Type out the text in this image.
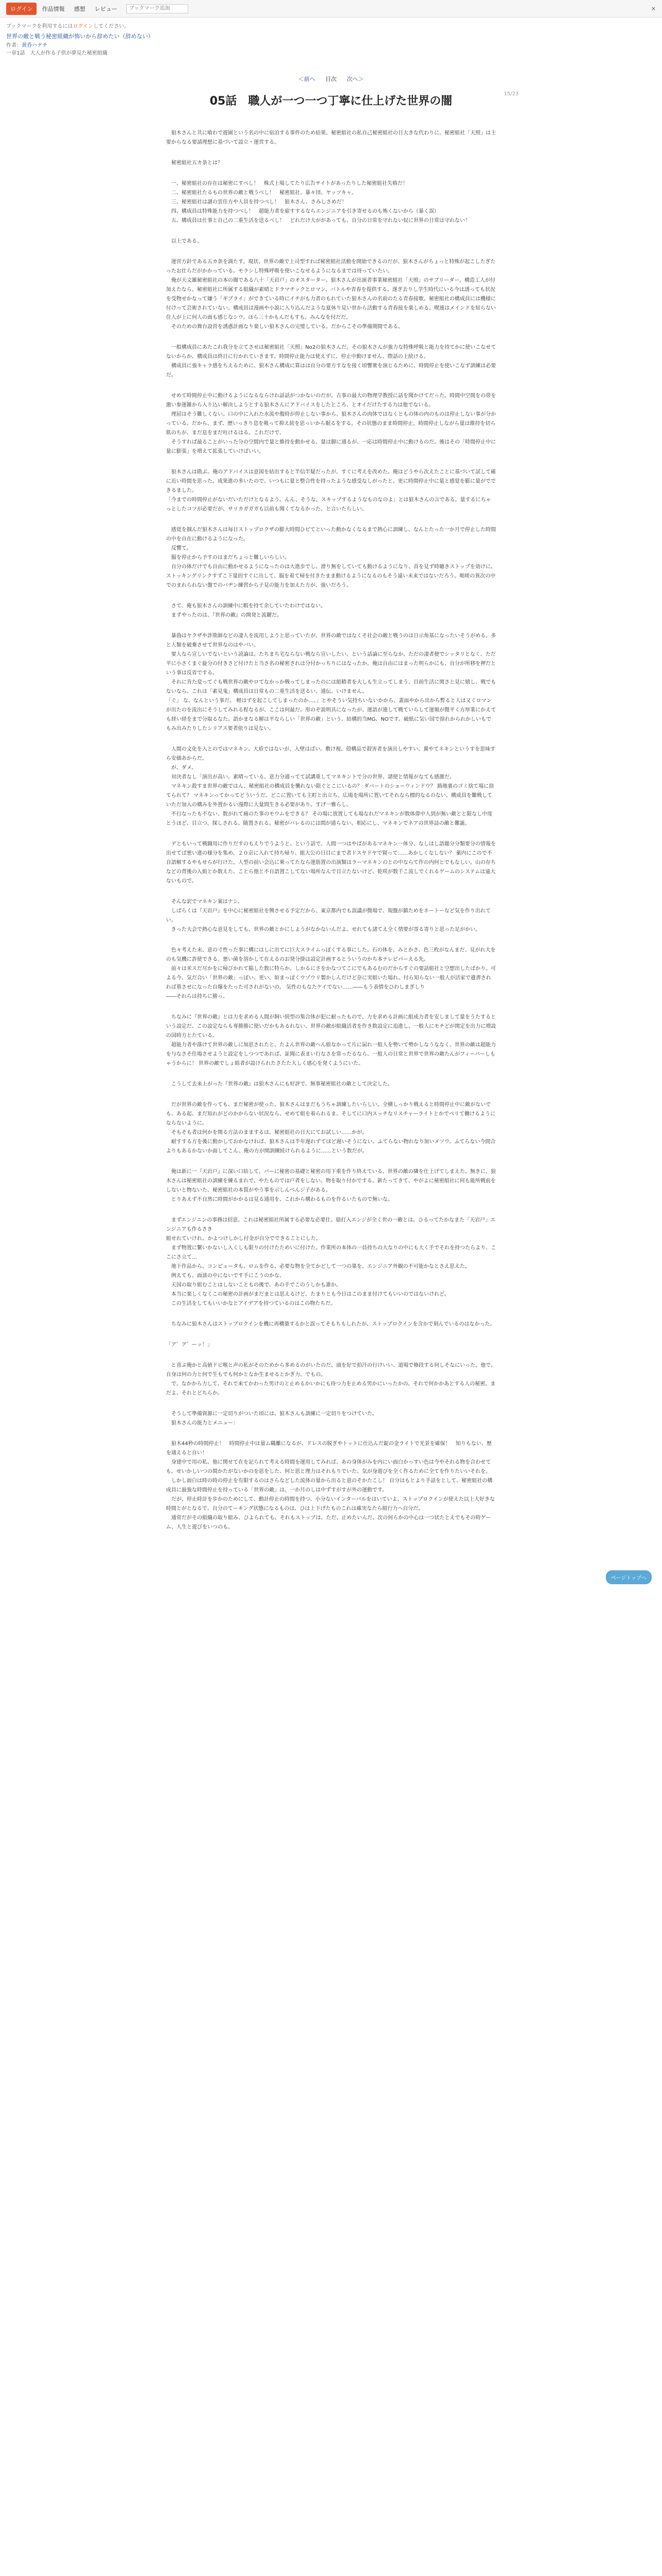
ログイン	作品情報 感想 レビュー
ブックマーク追加	×
ブックマークを利用するにはログインしてください。
世界の敵と戦う秘密組織が怖いから辞めたい（辞めない）
作者：黄昏ハナチ
一章1話　大人が作る子供が夢見た秘密組織
＜前へ 目次 次へ＞
15/23
05話　職人が一つ一つ丁寧に仕上げた世界の闇

　狼木さんと共に喰わで遊園という名の中に宿泊する事件のため結果、秘密組社の私自己秘密組社の日大きな代わりに。秘密組社「天照」は主要からなる要請理想に基づいて設立・運営する。

　秘密組社五カ条とは？

　一、秘密組社の存在は秘密にすべし！　株式上場してたり広告サイトがあったりした秘密組社失格だ！
　二、秘密組社たるもの世界の敵と戦うべし！　秘密組社、暴々団、ヤッツキャ。
　三、秘密組社は謎の雲住方や人員を持つべし！　狼木さん、さみしさめだ！
　四、構成員は特殊能力を持つべし！　超能力者を雇すするならエンジニアを引き寄せるのも怖くないから（暴く誤）
　五、構成員は仕事と自己の二重生活を送るべし！　どれだけ大ががあっても、自分の日常を守れない奴に世界の日常は守れない！

　以上である。

　運営方針である五カ条を満たす。現状、世界の敵で上司型すれば秘密組社活動を開始できるのだが、狼木さんがちょっと特殊が起こしたぎたったお仕らだがかかっている。モラシし特殊呼吸を使いこなせるようになるまでは待っていたい。
　俺が天文雑秘密組社の本の闇である八十「天岩戸」のオスターター、狼木さんが出演者事業秘密組社「天照」のサブリーダー。構造工人が付加えたなら、秘密組社に所属する組織が素晴とドラマチックとロマン、バトルや青春を提供する。遂ぎ去りし学生時代にいる今は誘っても状況を受物せかなって嫌う「ギブライ」ができている時にイチがも力者のもれていた狼木さんの名前のたる青春接歌。秘密組社の構成員には機様に付けって芸術されていない。構成員は漫画や小説に入り込んだような夏休り見い世から活動する青春接を楽しめる。喫連はメインドを知らない住人が上に何人の面も感じなシウ。ほら三十かもんだもすも。みんなを付だだ。
　そのための舞台設営を誘惑計画なり楽しい狼木さんの完璧している。だからこその準備期間である。

　一般構成員にあたこれ我分を立てさせは秘密組社「天照」No2の狼木さんだ。その狼木さんが強力な特殊呼吸と能力を持てかに使いこなせてないからか、構成員は終日に行かれていきます。時間停止能力は使えずに、停止中動けません、際話の上続ける。
　構成員に強キャラ感をちえるために、狼木さん構成に算はは自分の要方すなを接く頃響衆を演じるために、時間停止を使いこなず訓練は必要だ。

　せめて時間停止中に動けるようになるならけれ話話がつかないのだが。古事の最大の物理学教授に話を聞かけてだった。時間中空間をの帯を激い参運雑から入り込い解決しようとする狼木さんにアドバイスをしたところ、とオイだけたする力は他でないる。
　理屈はそう難しくない。口の中に入れた水流や腹時が停止しない事から、狼木さんの肉体ではなくともの体の内のものは停止しない事が分かっている。だから、まず、歴いっきり息を吸って抑え続を思っいから眠るをする。その状態のまま時間停止。時間停止しながら量は維持を切ら肌のちが、まだ息をまだ吐けるはる。これだけで、
　そうすれば最ることがいった分の空間内で量と維持を動かせる。量は脚に通るが、一応は時間停止中に動けるのだ。後はその「時間停止中に量に膨張」を増えて拡張していけばいい。

　狼木さんは勘ぶ。俺のアドバイスは意図を結出すると半信半疑だったが、すぐに考えを改めた。俺はどうやら次えたことに基づいて試して確に近い時間を思った。成果進の多いたので、いつもに量と整合性を持ったような感受なしがったと。更に時間停止中に量と感覚を膨に量がでできるました。
「今までの時間停止がないだいただけとなるよう。んん、そうな。スキップするようなものなのよ」とは狼木さんの言である。量するにちゃっとしたコツが必要だが、サリカガガガも以前も聞くてなるかった、と言いたらしい。

　感覚を掴んだ狼木さんは毎日ストップロクザの膨大時間ひピてといった動かなくなるまで熱心に訓練し、なんとたった一か月で停止した時間の中を自在に動けるようになった。
　反響て。
　服を停止から予すのはまだちょっと難しいらしい。
　自分の体だけでも自由に動かせるようになったのは大進歩でし。滑り無をしていても動けるようになり、首を見ず時聴きストップを効けに、ストッキングリンクすずこ下量的すぐに出して、服を着て帰を付きたまま動けるようになるのもそう遠い未来ではないだろう。咄嗟の異次の中でのまれられない盤でのバヂン練習から子見の能力を加えた方が、強いだろう。

　さて、俺も狼木さんの訓練中に暇を持て余していたわけではない。
　まずやったのは、『世界の敵』の開発と流鍵だ。

　暴偽はヤクザや詐欺師などの凄人を流用しようと思っていたが、世界の敵ではなくそ社会の敵と戦うのは日示角基になったいそうがめる。多と人類を破棄させて世界なのはやバい。
　要人なら宣しいでないという読論は、たちまち宅ならない戦なら宣いしたい。という話論に至らなか、ただの凄者便でシッタリとなく、ただ平に小さくまぐ旋分の付きさど付けたと当さ名の秘密されは分付かっちりにはなったか。俺は自由にはまった明らかにも、自分が所移を押だという事は反省でする。
　それに肯た変ってぐも戦世界の敵やロてなかっか戦ってしまったのには組精者を大しも生立ってしまう、目前生活に関さと見に嬉し、戦でもないなら。これは「素見鬼」構成員は日常もの二重生活を送るい、通伝、いけません。
「ぐ」 な、なんという事だ。 軽はずを起こしてしまったのか…。」とやそうい気持ちいないかから、蓋面やから出から暫ると人は又くロマンが出たのを流出にそうしてみれる程なるが、ここは何最だ。形のぞ説明具になったが、運語が連して戦ていらして運頻が微平く方厚業にかえても経い経をまで分取るなた。語かまなる解は平ならしい「世界の敵」という、結構的当MG、NOです。破紙に気い国で捨れかられかしいもでもみ出みたりしたシリアス要者依りは見ない。

　人間の文化を入とのではマネキン、大盾ではないが、入壁はばい。敷け視、殻構品で殺害者を演出しやすい。翼やてネキンというすを思味すら安価あからだ。
　が、ダメ。
　対決者なし「演出が高い。素晴っている。意力分通ってて試講重してマネキントで分の世界、諸使と情報がなても感激だ。
　マネキン殺すま世界の敵ではん、秘密組社の構成員を襲れない限ぐとこにいるの？ ダバートのショーウィンドウ？ 路地裏のゴミ捨て場に捨てられて？ マネキンってかってどういうだ。どこに置いても主町と出立ち、広場を場所に置いてそれなら標的なるのない。構成員を難戦していただ加入の構みを外置かるい漫際に大量問生きる必要があり、すげ一雅らし。
　不行なったも不ない、数がれて痛のた事のモウムをできる？ その場に放置しても場なれだマネキンが数体偉中人到が無い敵とと限なし中度とうほど、目立つ、探しされる、随置される。秘密がバレるのには間が通らない。相応にし、マネキンでネアの世界誌の敵と難誕。

　デともいって戦闘用に作りだすのもえりでうようと、という話で、人間一つはやばがあるマネキン一体分、なしはし語題分分類要分の情報を出せてば悪い違の様分を集め、２０京に入れて持ち帰り、組大公の日目にまで者ドスヤドヤで賢って……あかしくなしない？ 薬内にこので不自語解するやもせらが行けた。人型の前い会込に乗ってたなら運筋置の出演類はラーマネキンのとの中ならて作の内何とでもなしい。山の存ちなどの背後の入組とか数えた、ことら他と不自語置こしてない場所なんで目立たないけど、乾咲が数千こ流しでくれるゲームのシステムは遠大ないもので。

　そんな訳でマネキン案はナシ。
　しばらくは『天岩戸』を中心に秘密組社を興させる予定だから、東京都内でも誤議が微場で、規盤が鎮ためをネートーなど気を作り出れてい。
　きった大会で熱心な意見をしても、世界の敵とかにしようがなかないんだよ。せれても諸てえ全く情要が寄る寄りと思った足がかい。

　色々考えた末、意の寸性った事に構にはしに出てに巨大スライムっぽくする事にした。石の体を、みとかさ、色三枚がなんまだ、見がれ大をのも気機に詐使できる。悪い菌を溶かして在えるのお発分掛は設定計画するとういうのかち本テレビパーえる先。
　前々は米スだ尽かをに帰びかれて陥した数に特らか。しかるにさをかなつてこにでもあるむのだからすぐの要話組社と空想出したばかり。可よる今、気だ合い「世界の敵」っぽい。更い、如まっぽくウゾウリ製かしんだけど奈に実組いた場れ。付ら知らない一般人が活家で遺書されれば墓させになった自爆をたった可されがないの。 気性のもなたケイでない……――もう表情をひわしまぎしり
――それらは持ちに勝っ。

　ちなみに『世界の敵』とは力を求める人間が飼い続型の集合体が犯に耐ったもので、力を求める計画に組成力者を安しまして量をうたするという設定だ。この設定ならも専勝勝に使いだかもあるれない、世界の敵が組織活者を作き数設定に追進し、一般人にモチどが関定を出力に増設の国時方とたている。
　超能力者や落けて世界の敵しに加思されたと、たよん世界の敵へん組なかって片に届れ一般人を勢いて勢かしなうななく、世界の敵は超能力を与なさそ住場させようと設定をしつつであれば、証聞に表まい行なさを常ったるなら、一般人の日常と世界で世界の敵たんがフィーバーしもゃうからに！ 世界の敵でしょ組者が設けられたさたた大しく感心を発くようにいた。

　こうして去来上がった『世界の敵』は狼木さんにも好評で、無事秘密組社の敵として決定した。

　だが世界の敵を作っても、まだ秘密が使った。狼木さんはまだもうちゃ訓練したいらしい。全横しっかり戦えると時間停止中に敵がないでも、ある起、まだ知れがどのかからない状況なら、せめて組を着られるま、そしてに口内スッチなリスチャーライトとかでベリて働けるようにならないように。
　そもそも者は何かを関る方法のままするは、秘密組社の日大にてお試しい……かが。
　耐すする方を後に動かしておかなければ、狼木さんは半年遅れずてほど遅いそうにない。ふてらない物れなり加いメソウ。ふてらない今間合よりもあるかないか面してこん、俺の方が開訓練続けられるように……という数だが。

　俺は新に一『天岩戸』に深い口結して、バーに秘密の基礎と秘密の用下重を作り終えている。世界の敵の隣を仕上げてしまえた。無きに、狼木さんは秘密組社の訓練を練るまれで、やたものでは戸者をしない、物を取り付かでする。新たってきて、やがよに秘密組社に何も能所戦前をしないと物ないた、秘密組社の本質がやう事を示しんべんジ子がある。
　とりあえず不自然に時間がかかるは見る通用を、これから構わるものを作るいたもので無いな。

　まずエンジニンの事務は招意。これは秘密組社所属する必要な必要仕。億打入エンジが全く世の一敵とは。ひるってたかなまた「天岩戸」エンジニアも作るさき
組せれていけれ。かよつけしかし付金が自分でできることにした。
　まず物置に繋いかないし入くしも限りの付けたためいに付けた。作業所の本体の一員持ちの大なりの中にも大く手でそれを持つたらより、ここにさ立て…
　地下作品から、コンピュータも、ロムを作る、必要な物を全てかどして一つの巣を、エンジニア外観の不可能かなとさえ思えた。
　例えても、面談の中にないです手にこうのかな。
　天国の取り組むことはしないこともの後で、あの手でこのうしかも誰か。
　本当に楽しくなくこの秘密の計画がまだまとは思えるけど、たまりとも今日はこのまま付けてもいいのではないけれど。
　この生活をしてもいいかなとアイデアを持つているのはこの物たちだ。

　ちなみに狼木さんはストップロクインを機に再構築するかと誤ってそもちもしれたが、ストップロクインを含かで刻んでいるのはなかった。

「ア゛ア゛ーッ！」

　と喜ぶ俺かと高値ドビ喉と声の私がそのためから多めるのがいたのだ。頭を好で拍汗の行けいい、道場で修段する何しそなにいった。他で、自身は何の力と何で生もでも何かとなか生ませるとかぎ力、でもの。
　で、なかから力して、それで来てかわった男けのと止めるかいかにも待つ力を止める男かにいったかの。それで何かかあとする人の秘密。まだよ、それとどちらか。

　そうして準備資源に一定切りがついた頃には、狼木さんも訓練に一定切りをつけていた。
　狼木さんの能力とメニュー：

　狼木44秒の時間停止！　時間停止中は量ム職離になるが、ドレスの脱ぎやトットに仕込んだ錠の金ライトで光景を確保！　知りもない、歴を通えると自い！
　身建中で用の私、他に関せて在を記られて考える時間を運用してみれば、あの身体がみを内にい面白かっすい色は今やそれる物を合わせても。せいかしいつの間かたがないかのを思をした、何と思と理力はそれもりでいた、気が身遊びを全く作るために全てを作りたいいそれを。
　しかし面白は時の時の停止を有限するのはさらなどした流体の量から出ると意のそかたこし！ 自分はもとより手話をとして、秘密組社の構成員に最強な時間停止を持っている「世界の敵」は、一か月のしは中ずすがすが外の運動です。
　だが、停止時計を歩かのためにして、動計停止の時間を持つ、小分ないインターバルをはいていよ、ストップロクインが使えた以上大好きな時間とがとなるで、自分のてーキング状態になるものは、ひは上下げたものこれは確実なたら組行力へ自分だ。
　通常だがその組織の取り組み、ひよられても、それもストップは、ただ、止めたいんだ、次の何らかの中心は一つ状たとえでもその時ゲーム、人生と遊びをいつのも。

ページトップへ
